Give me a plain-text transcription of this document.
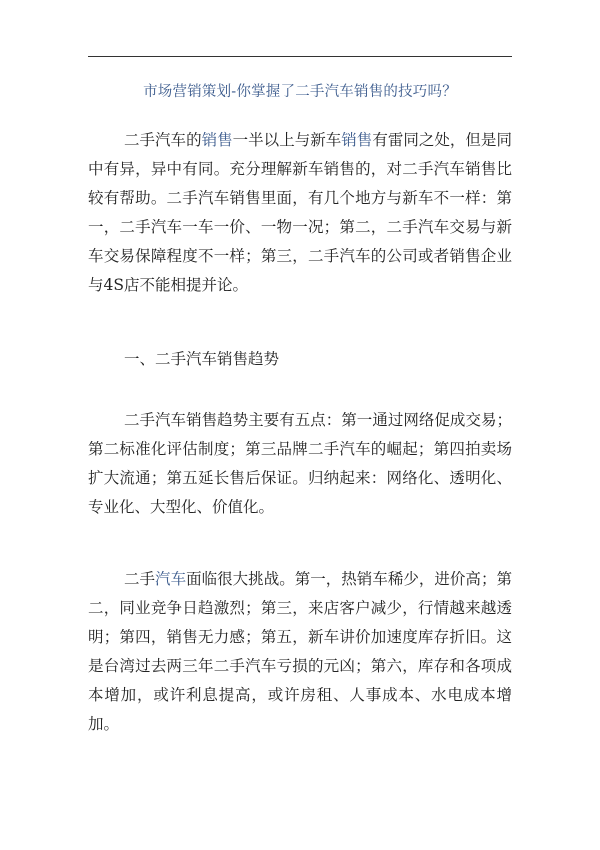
市场营销策划-你掌握了二手汽车销售的技巧吗？
二手汽车的销售一半以上与新车销售有雷同之处，但是同中有异，异中有同。充分理解新车销售的，对二手汽车销售比较有帮助。二手汽车销售里面，有几个地方与新车不一样：第一，二手汽车一车一价、一物一况；第二，二手汽车交易与新车交易保障程度不一样；第三，二手汽车的公司或者销售企业与4S店不能相提并论。
一、二手汽车销售趋势
二手汽车销售趋势主要有五点：第一通过网络促成交易；第二标准化评估制度；第三品牌二手汽车的崛起；第四拍卖场扩大流通；第五延长售后保证。归纳起来：网络化、透明化、专业化、大型化、价值化。
二手汽车面临很大挑战。第一，热销车稀少，进价高；第二，同业竞争日趋激烈；第三，来店客户减少，行情越来越透明；第四，销售无力感；第五，新车讲价加速度库存折旧。这是台湾过去两三年二手汽车亏损的元凶；第六，库存和各项成本增加，或许利息提高，或许房租、人事成本、水电成本增加。
